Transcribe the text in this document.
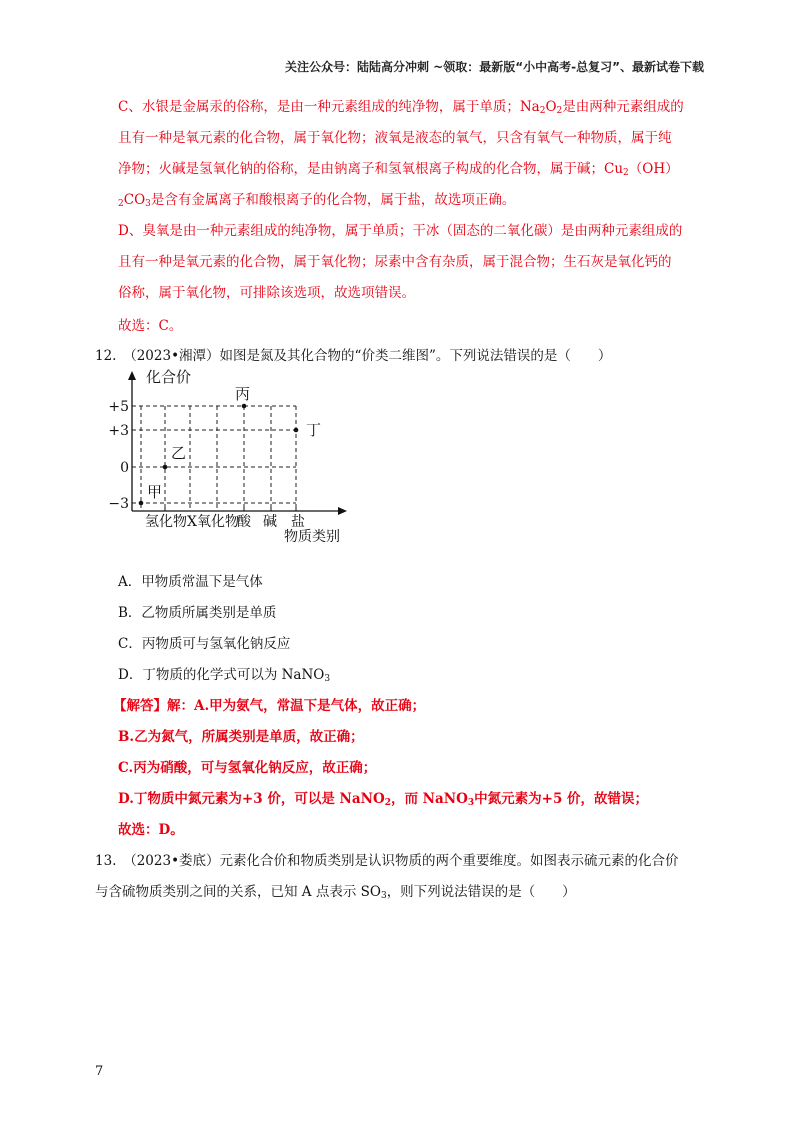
关注公众号：陆陆高分冲刺 ~领取：最新版“小中高考-总复习”、最新试卷下载
C、水银是金属汞的俗称，是由一种元素组成的纯净物，属于单质；$Na_2O_2$是由两种元素组成的
且有一种是氧元素的化合物，属于氧化物；液氧是液态的氧气，只含有氧气一种物质，属于纯
净物；火碱是氢氧化钠的俗称，是由钠离子和氢氧根离子构成的化合物，属于碱；$Cu_2(OH)$
$_2CO_3$是含有金属离子和酸根离子的化合物，属于盐，故选项正确。
D、臭氧是由一种元素组成的纯净物，属于单质；干冰（固态的二氧化碳）是由两种元素组成的
且有一种是氧元素的化合物，属于氧化物；尿素中含有杂质，属于混合物；生石灰是氧化钙的
俗称，属于氧化物，可排除该选项，故选项错误。
故选：C。
12.　（2023•湘潭）如图是氮及其化合物的“价类二维图”。下列说法错误的是（　　）
化合价
物质类别
+5
+3
0
−3
氢化物 X氧化物
酸 碱 盐
甲
乙
丙
丁
A．甲物质常温下是气体
B．乙物质所属类别是单质
C．丙物质可与氢氧化钠反应
D．丁物质的化学式可以为 NaNO$_3$
【解答】解：A.甲为氨气，常温下是气体，故正确；
B.乙为氮气，所属类别是单质，故正确；
C.丙为硝酸，可与氢氧化钠反应，故正确；
D.丁物质中氮元素为+3 价，可以是 NaNO$_2$，而 NaNO$_3$中氮元素为+5 价，故错误；
故选：D。
13.　（2023•娄底）元素化合价和物质类别是认识物质的两个重要维度。如图表示硫元素的化合价
与含硫物质类别之间的关系，已知 A 点表示 $SO_3$，则下列说法错误的是（　　）
7
